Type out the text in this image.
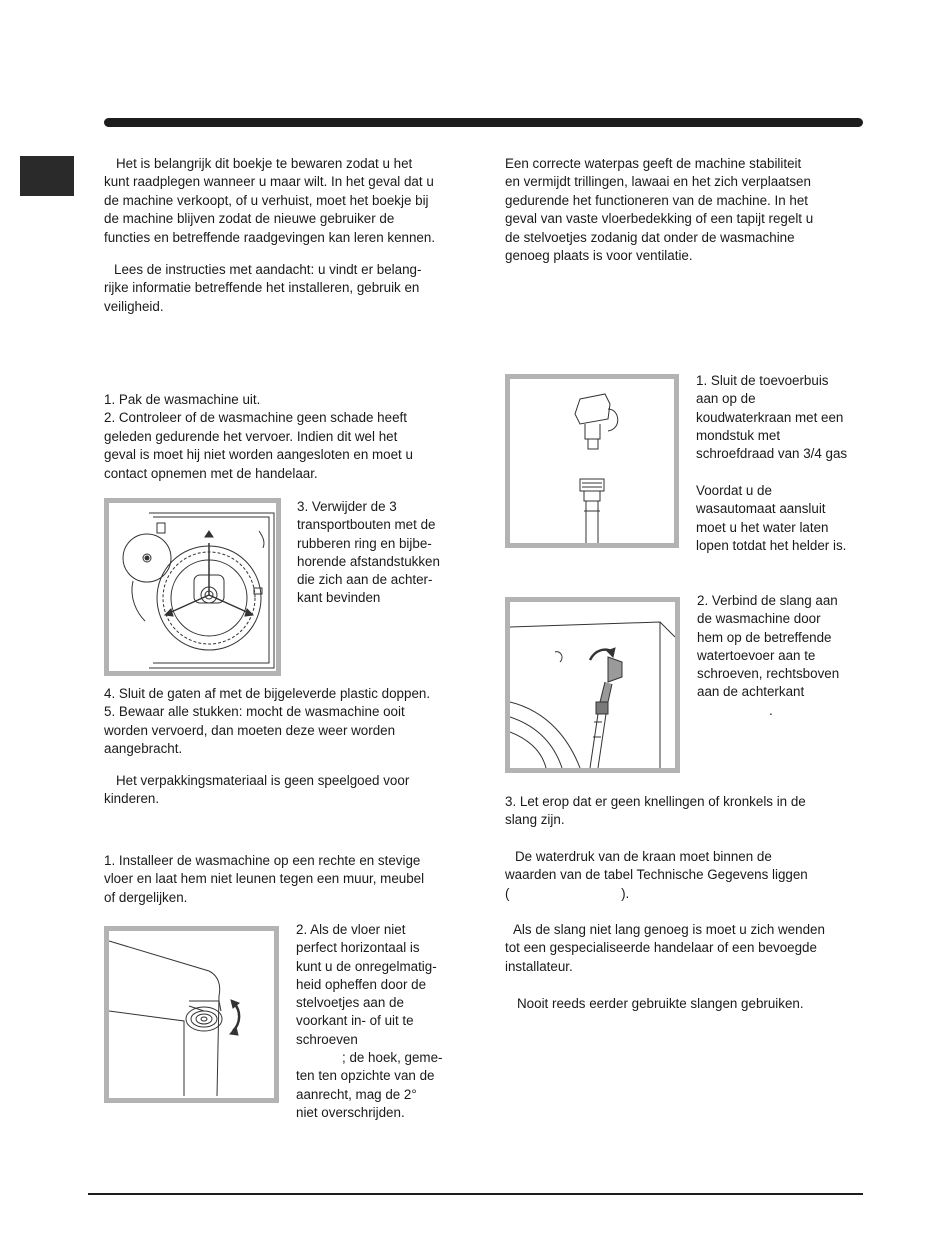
Het is belangrijk dit boekje te bewaren zodat u het
kunt raadplegen wanneer u maar wilt. In het geval dat u
de machine verkoopt, of u verhuist, moet het boekje bij
de machine blijven zodat de nieuwe gebruiker de
functies en betreffende raadgevingen kan leren kennen.
Lees de instructies met aandacht: u vindt er belang-
rijke informatie betreffende het installeren, gebruik en
veiligheid.
1. Pak de wasmachine uit.
2. Controleer of de wasmachine geen schade heeft
geleden gedurende het vervoer. Indien dit wel het
geval is moet hij niet worden aangesloten en moet u
contact opnemen met de handelaar.
3. Verwijder de 3
transportbouten met de
rubberen ring en bijbe-
horende afstandstukken
die zich aan de achter-
kant bevinden
4. Sluit de gaten af met de bijgeleverde plastic doppen.
5. Bewaar alle stukken: mocht de wasmachine ooit
worden vervoerd, dan moeten deze weer worden
aangebracht.
Het verpakkingsmateriaal is geen speelgoed voor
kinderen.
1. Installeer de wasmachine op een rechte en stevige
vloer en laat hem niet leunen tegen een muur, meubel
of dergelijken.
2. Als de vloer niet
perfect horizontaal is
kunt u de onregelmatig-
heid opheffen door de
stelvoetjes aan de
voorkant in- of uit te
schroeven
; de hoek, geme-
ten ten opzichte van de
aanrecht, mag de 2°
niet overschrijden.
Een correcte waterpas geeft de machine stabiliteit
en vermijdt trillingen, lawaai en het zich verplaatsen
gedurende het functioneren van de machine. In het
geval van vaste vloerbedekking of een tapijt regelt u
de stelvoetjes zodanig dat onder de wasmachine
genoeg plaats is voor ventilatie.
1. Sluit de toevoerbuis
aan op de
koudwaterkraan met een
mondstuk met
schroefdraad van 3/4 gas
Voordat u de
wasautomaat aansluit
moet u het water laten
lopen totdat het helder is.
2. Verbind de slang aan
de wasmachine door
hem op de betreffende
watertoevoer aan te
schroeven, rechtsboven
aan de achterkant
.
3. Let erop dat er geen knellingen of kronkels in de
slang zijn.
De waterdruk van de kraan moet binnen de
waarden van de tabel Technische Gegevens liggen
(                              ).
Als de slang niet lang genoeg is moet u zich wenden
tot een gespecialiseerde handelaar of een bevoegde
installateur.
Nooit reeds eerder gebruikte slangen gebruiken.
